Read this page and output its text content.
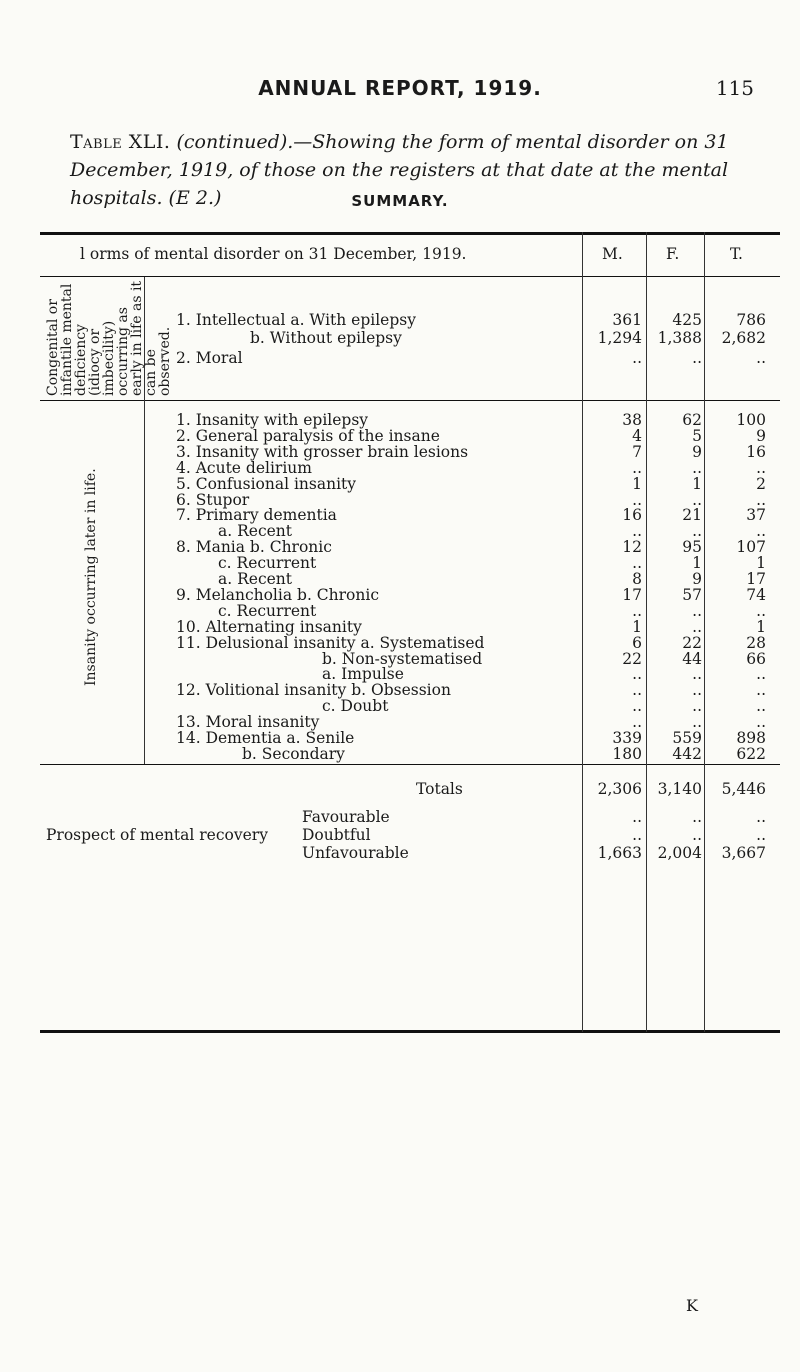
ANNUAL REPORT, 1919.	115
Table XLI. (continued).—Showing the form of mental disorder on 31 December, 1919, of those on the registers at that date at the mental hospitals. (E 2.)	SUMMARY.
l orms of mental disorder on 31 December, 1919.	M.	F.	T.
Congenital or infantile mental deficiency (idiocy or imbecility) occurring as early in life as it can be observed.
Insanity occurring later in life.
1. Intellectual a. With epilepsy	361	425	786
b. Without epilepsy	1,294	1,388	2,682
2. Moral	..	..	..
1. Insanity with epilepsy	38	62	100
2. General paralysis of the insane	4	5	9
3. Insanity with grosser brain lesions	7	9	16
4. Acute delirium	..	..	..
5. Confusional insanity	1	1	2
6. Stupor	..	..	..
7. Primary dementia	16	21	37
a. Recent	..	..	..
8. Mania b. Chronic	12	95	107
c. Recurrent	..	1	1
a. Recent	8	9	17
9. Melancholia b. Chronic	17	57	74
c. Recurrent	..	..	..
10. Alternating insanity	1	..	1
11. Delusional insanity a. Systematised	6	22	28
b. Non-systematised	22	44	66
a. Impulse	..	..	..
12. Volitional insanity b. Obsession	..	..	..
c. Doubt	..	..	..
13. Moral insanity	..	..	..
14. Dementia a. Senile	339	559	898
b. Secondary	180	442	622
Totals	2,306	3,140	5,446
Prospect of mental recovery
Favourable	..	..	..
Doubtful	..	..	..
Unfavourable	1,663	2,004	3,667
K
